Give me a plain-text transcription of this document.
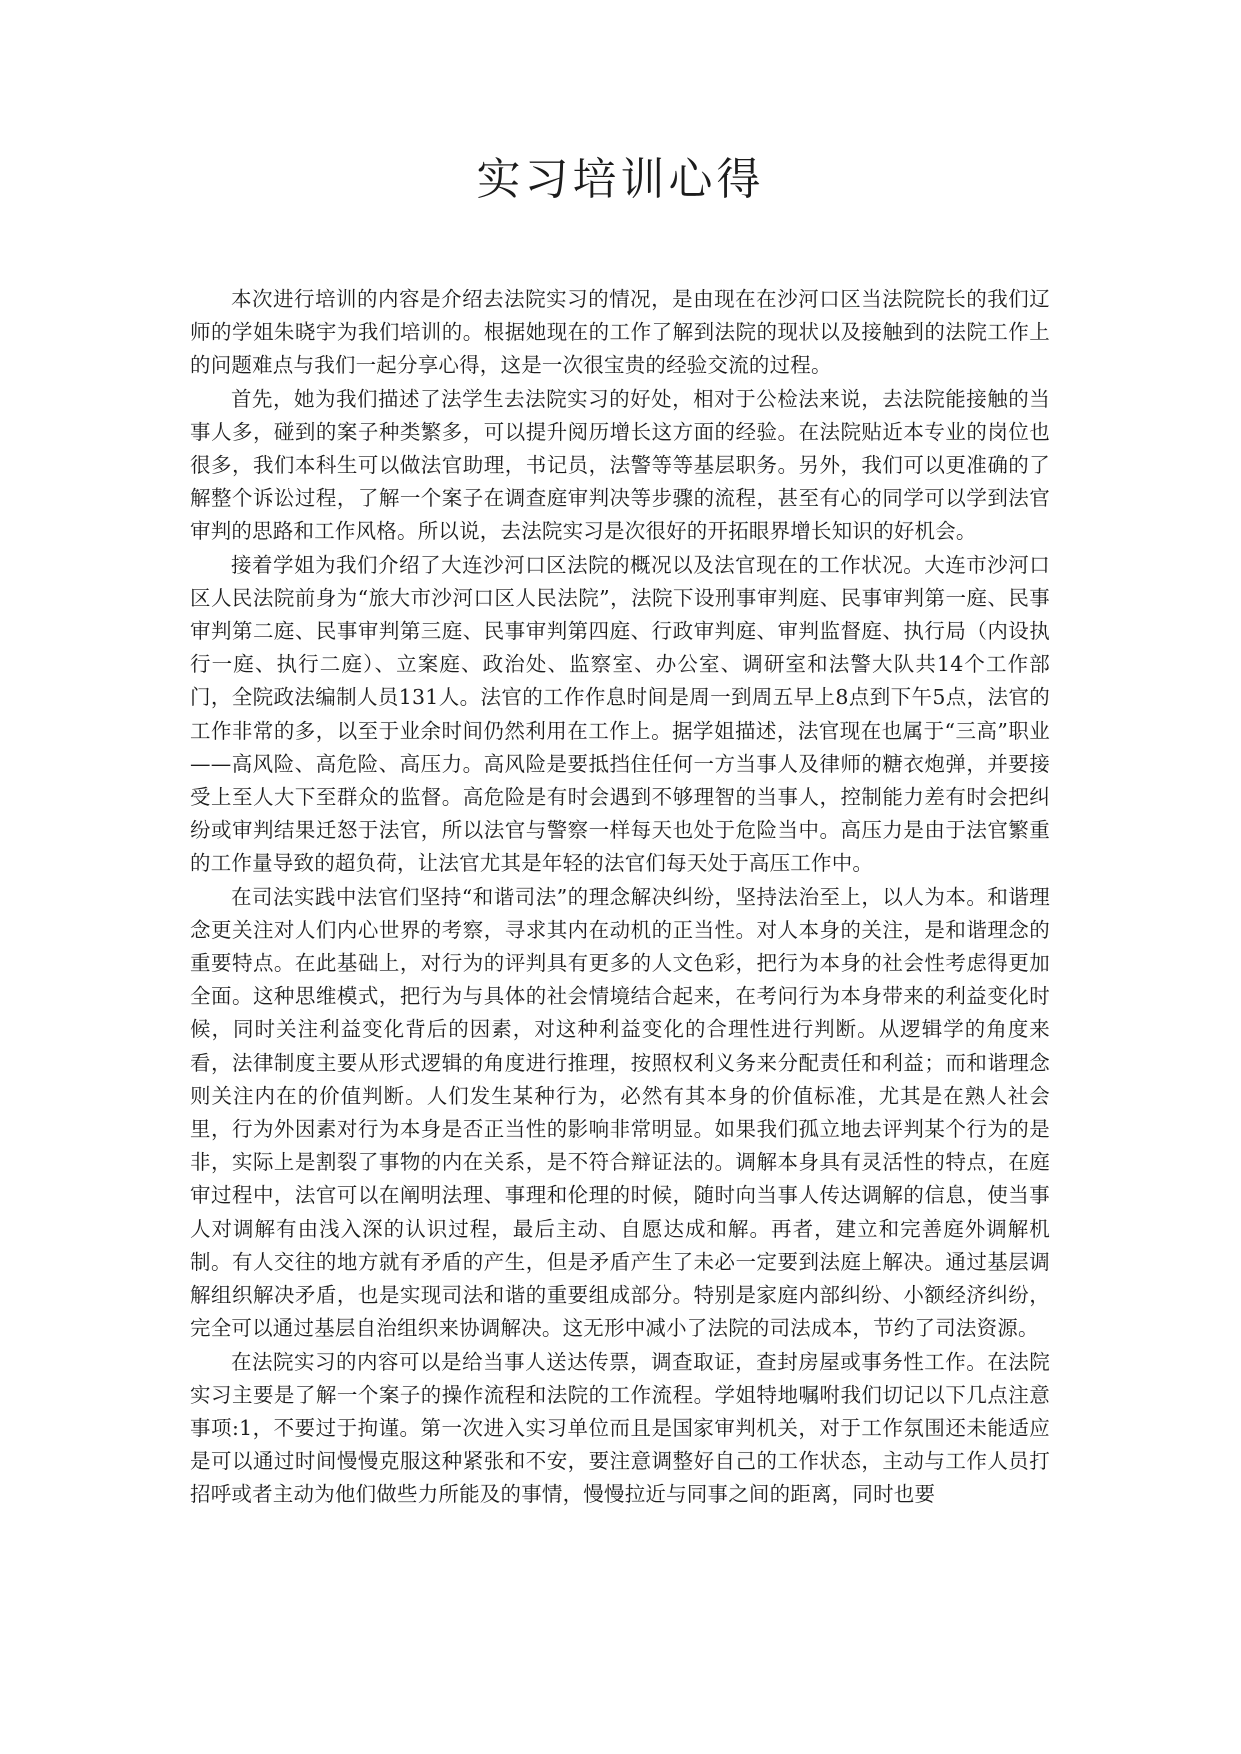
实习培训心得

本次进行培训的内容是介绍去法院实习的情况，是由现在在沙河口区当法院院长的我们辽师的学姐朱晓宇为我们培训的。根据她现在的工作了解到法院的现状以及接触到的法院工作上的问题难点与我们一起分享心得，这是一次很宝贵的经验交流的过程。

首先，她为我们描述了法学生去法院实习的好处，相对于公检法来说，去法院能接触的当事人多，碰到的案子种类繁多，可以提升阅历增长这方面的经验。在法院贴近本专业的岗位也很多，我们本科生可以做法官助理，书记员，法警等等基层职务。另外，我们可以更准确的了解整个诉讼过程，了解一个案子在调查庭审判决等步骤的流程，甚至有心的同学可以学到法官审判的思路和工作风格。所以说，去法院实习是次很好的开拓眼界增长知识的好机会。

接着学姐为我们介绍了大连沙河口区法院的概况以及法官现在的工作状况。大连市沙河口区人民法院前身为“旅大市沙河口区人民法院”，法院下设刑事审判庭、民事审判第一庭、民事审判第二庭、民事审判第三庭、民事审判第四庭、行政审判庭、审判监督庭、执行局（内设执行一庭、执行二庭）、立案庭、政治处、监察室、办公室、调研室和法警大队共14个工作部门，全院政法编制人员131人。法官的工作作息时间是周一到周五早上8点到下午5点，法官的工作非常的多，以至于业余时间仍然利用在工作上。据学姐描述，法官现在也属于“三高”职业——高风险、高危险、高压力。高风险是要抵挡住任何一方当事人及律师的糖衣炮弹，并要接受上至人大下至群众的监督。高危险是有时会遇到不够理智的当事人，控制能力差有时会把纠纷或审判结果迁怒于法官，所以法官与警察一样每天也处于危险当中。高压力是由于法官繁重的工作量导致的超负荷，让法官尤其是年轻的法官们每天处于高压工作中。

在司法实践中法官们坚持“和谐司法”的理念解决纠纷，坚持法治至上，以人为本。和谐理念更关注对人们内心世界的考察，寻求其内在动机的正当性。对人本身的关注，是和谐理念的重要特点。在此基础上，对行为的评判具有更多的人文色彩，把行为本身的社会性考虑得更加全面。这种思维模式，把行为与具体的社会情境结合起来，在考问行为本身带来的利益变化时候，同时关注利益变化背后的因素，对这种利益变化的合理性进行判断。从逻辑学的角度来看，法律制度主要从形式逻辑的角度进行推理，按照权利义务来分配责任和利益；而和谐理念则关注内在的价值判断。人们发生某种行为，必然有其本身的价值标准，尤其是在熟人社会里，行为外因素对行为本身是否正当性的影响非常明显。如果我们孤立地去评判某个行为的是非，实际上是割裂了事物的内在关系，是不符合辩证法的。调解本身具有灵活性的特点，在庭审过程中，法官可以在阐明法理、事理和伦理的时候，随时向当事人传达调解的信息，使当事人对调解有由浅入深的认识过程，最后主动、自愿达成和解。再者，建立和完善庭外调解机制。有人交往的地方就有矛盾的产生，但是矛盾产生了未必一定要到法庭上解决。通过基层调解组织解决矛盾，也是实现司法和谐的重要组成部分。特别是家庭内部纠纷、小额经济纠纷，完全可以通过基层自治组织来协调解决。这无形中减小了法院的司法成本，节约了司法资源。

在法院实习的内容可以是给当事人送达传票，调查取证，查封房屋或事务性工作。在法院实习主要是了解一个案子的操作流程和法院的工作流程。学姐特地嘱咐我们切记以下几点注意事项:1，不要过于拘谨。第一次进入实习单位而且是国家审判机关，对于工作氛围还未能适应是可以通过时间慢慢克服这种紧张和不安，要注意调整好自己的工作状态，主动与工作人员打招呼或者主动为他们做些力所能及的事情，慢慢拉近与同事之间的距离，同时也要
